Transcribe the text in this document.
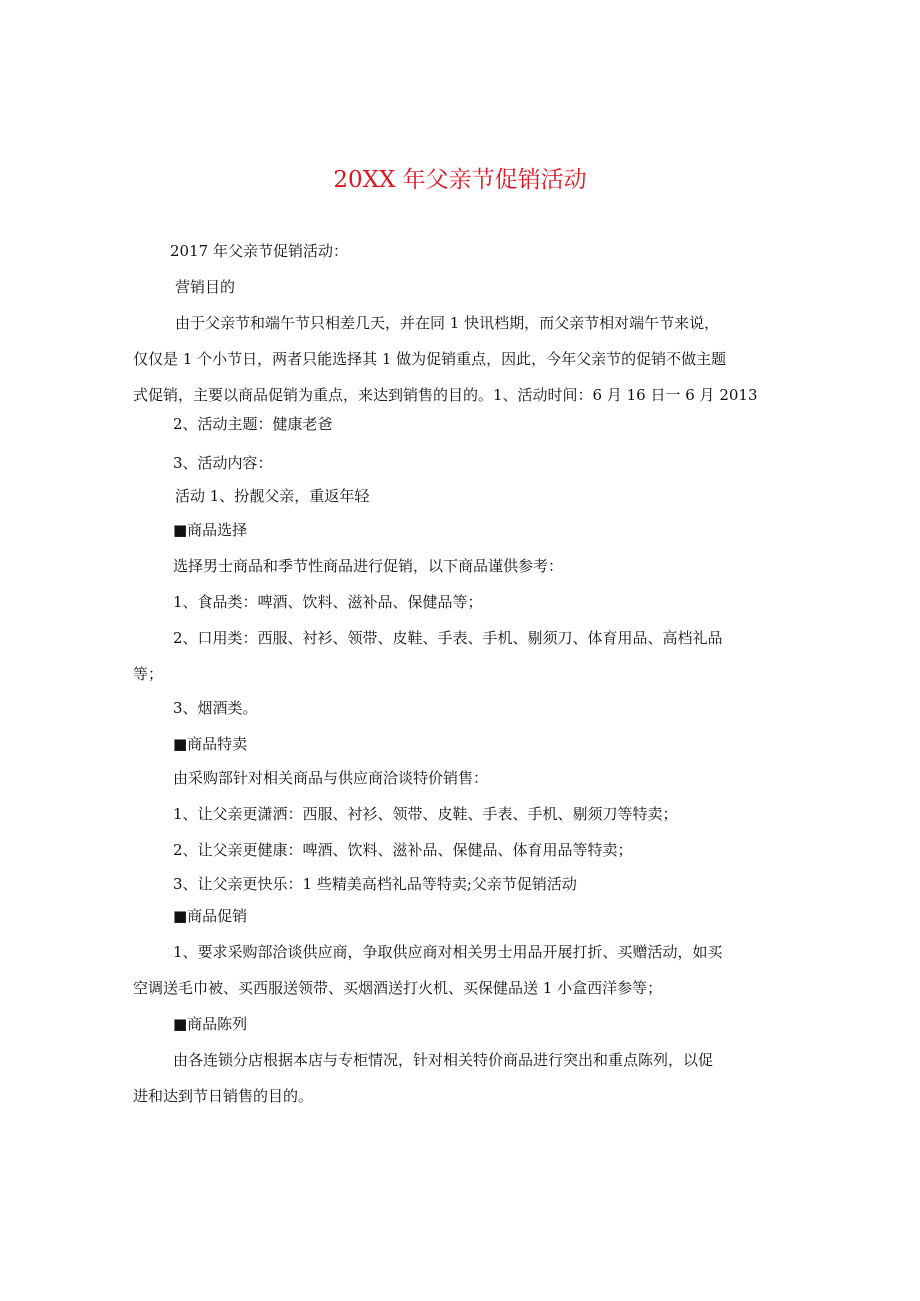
20XX 年父亲节促销活动

2017 年父亲节促销活动：

营销目的

由于父亲节和端午节只相差几天，并在同 1 快讯档期，而父亲节相对端午节来说，

仅仅是 1 个小节日，两者只能选择其 1 做为促销重点，因此，今年父亲节的促销不做主题

式促销，主要以商品促销为重点，来达到销售的目的。1、活动时间：6 月 16 日一 6 月 2013

2、活动主题：健康老爸

3、活动内容：

活动 1、扮靓父亲，重返年轻

■商品选择

选择男士商品和季节性商品进行促销，以下商品谨供参考：

1、食品类：啤酒、饮料、滋补品、保健品等；

2、口用类：西服、衬衫、领带、皮鞋、手表、手机、剔须刀、体育用品、高档礼品

等；

3、烟酒类。

■商品特卖

由采购部针对相关商品与供应商洽谈特价销售：

1、让父亲更潇洒：西服、衬衫、领带、皮鞋、手表、手机、剔须刀等特卖；

2、让父亲更健康：啤酒、饮料、滋补品、保健品、体育用品等特卖；

3、让父亲更快乐：1 些精美高档礼品等特卖;父亲节促销活动

■商品促销

1、要求采购部洽谈供应商，争取供应商对相关男士用品开展打折、买赠活动，如买

空调送毛巾被、买西服送领带、买烟酒送打火机、买保健品送 1 小盒西洋参等；

■商品陈列

由各连锁分店根据本店与专柜情况，针对相关特价商品进行突出和重点陈列，以促

进和达到节日销售的目的。
